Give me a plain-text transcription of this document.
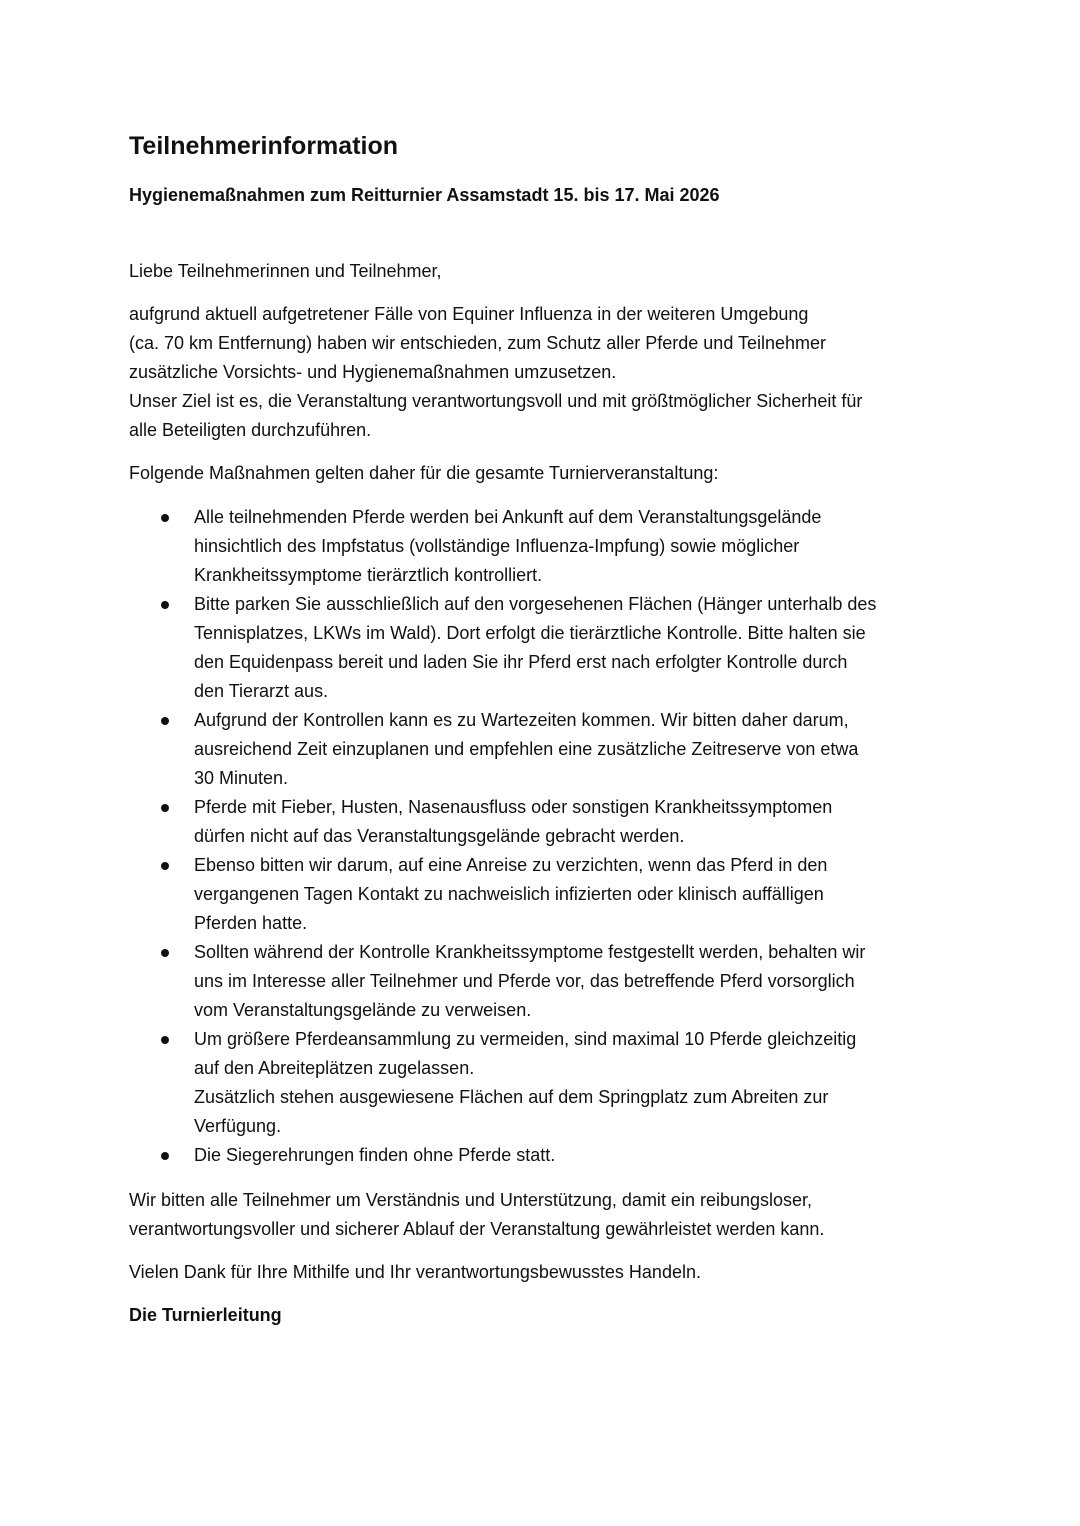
Teilnehmerinformation
Hygienemaßnahmen zum Reitturnier Assamstadt 15. bis 17. Mai 2026
Liebe Teilnehmerinnen und Teilnehmer,
aufgrund aktuell aufgetretener Fälle von Equiner Influenza in der weiteren Umgebung
(ca. 70 km Entfernung) haben wir entschieden, zum Schutz aller Pferde und Teilnehmer
zusätzliche Vorsichts- und Hygienemaßnahmen umzusetzen.
Unser Ziel ist es, die Veranstaltung verantwortungsvoll und mit größtmöglicher Sicherheit für
alle Beteiligten durchzuführen.
Folgende Maßnahmen gelten daher für die gesamte Turnierveranstaltung:
Alle teilnehmenden Pferde werden bei Ankunft auf dem Veranstaltungsgelände
hinsichtlich des Impfstatus (vollständige Influenza-Impfung) sowie möglicher
Krankheitssymptome tierärztlich kontrolliert.
Bitte parken Sie ausschließlich auf den vorgesehenen Flächen (Hänger unterhalb des
Tennisplatzes, LKWs im Wald). Dort erfolgt die tierärztliche Kontrolle. Bitte halten sie
den Equidenpass bereit und laden Sie ihr Pferd erst nach erfolgter Kontrolle durch
den Tierarzt aus.
Aufgrund der Kontrollen kann es zu Wartezeiten kommen. Wir bitten daher darum,
ausreichend Zeit einzuplanen und empfehlen eine zusätzliche Zeitreserve von etwa
30 Minuten.
Pferde mit Fieber, Husten, Nasenausfluss oder sonstigen Krankheitssymptomen
dürfen nicht auf das Veranstaltungsgelände gebracht werden.
Ebenso bitten wir darum, auf eine Anreise zu verzichten, wenn das Pferd in den
vergangenen Tagen Kontakt zu nachweislich infizierten oder klinisch auffälligen
Pferden hatte.
Sollten während der Kontrolle Krankheitssymptome festgestellt werden, behalten wir
uns im Interesse aller Teilnehmer und Pferde vor, das betreffende Pferd vorsorglich
vom Veranstaltungsgelände zu verweisen.
Um größere Pferdeansammlung zu vermeiden, sind maximal 10 Pferde gleichzeitig
auf den Abreiteplätzen zugelassen.
Zusätzlich stehen ausgewiesene Flächen auf dem Springplatz zum Abreiten zur
Verfügung.
Die Siegerehrungen finden ohne Pferde statt.
Wir bitten alle Teilnehmer um Verständnis und Unterstützung, damit ein reibungsloser,
verantwortungsvoller und sicherer Ablauf der Veranstaltung gewährleistet werden kann.
Vielen Dank für Ihre Mithilfe und Ihr verantwortungsbewusstes Handeln.
Die Turnierleitung
